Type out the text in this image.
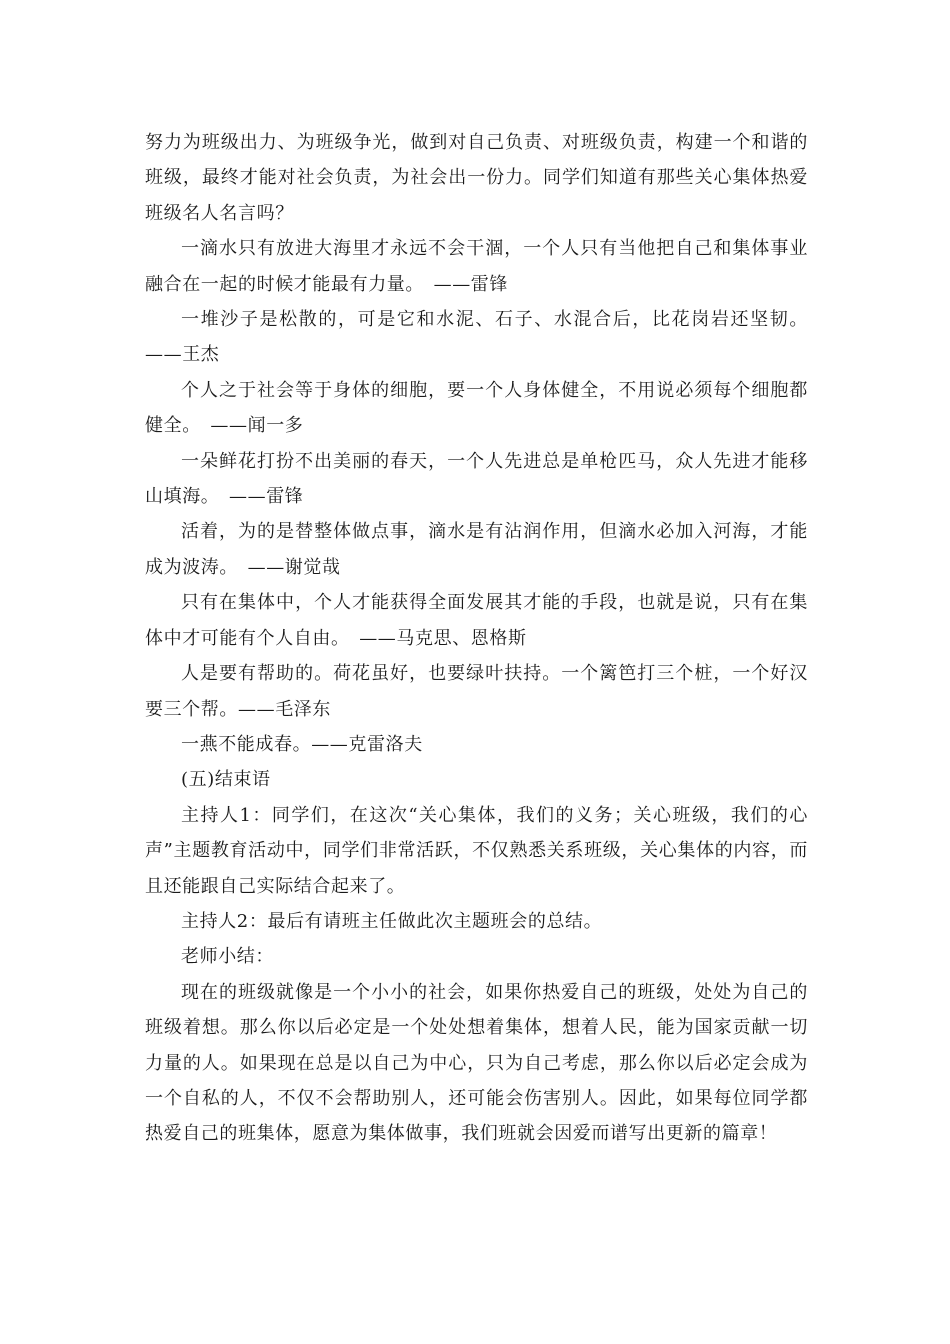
努力为班级出力、为班级争光，做到对自己负责、对班级负责，构建一个和谐的班级，最终才能对社会负责，为社会出一份力。同学们知道有那些关心集体热爱班级名人名言吗？

一滴水只有放进大海里才永远不会干涸，一个人只有当他把自己和集体事业融合在一起的时候才能最有力量。　——雷锋

一堆沙子是松散的，可是它和水泥、石子、水混合后，比花岗岩还坚韧。——王杰

个人之于社会等于身体的细胞，要一个人身体健全，不用说必须每个细胞都健全。　——闻一多

一朵鲜花打扮不出美丽的春天，一个人先进总是单枪匹马，众人先进才能移山填海。　——雷锋

活着，为的是替整体做点事，滴水是有沾润作用，但滴水必加入河海，才能成为波涛。　——谢觉哉

只有在集体中，个人才能获得全面发展其才能的手段，也就是说，只有在集体中才可能有个人自由。　——马克思、恩格斯

人是要有帮助的。荷花虽好，也要绿叶扶持。一个篱笆打三个桩，一个好汉要三个帮。——毛泽东

一燕不能成春。——克雷洛夫

(五)结束语

主持人1：同学们，在这次“关心集体，我们的义务；关心班级，我们的心声”主题教育活动中，同学们非常活跃，不仅熟悉关系班级，关心集体的内容，而且还能跟自己实际结合起来了。

主持人2：最后有请班主任做此次主题班会的总结。

老师小结：

现在的班级就像是一个小小的社会，如果你热爱自己的班级，处处为自己的班级着想。那么你以后必定是一个处处想着集体，想着人民，能为国家贡献一切力量的人。如果现在总是以自己为中心，只为自己考虑，那么你以后必定会成为一个自私的人，不仅不会帮助别人，还可能会伤害别人。因此，如果每位同学都热爱自己的班集体，愿意为集体做事，我们班就会因爱而谱写出更新的篇章！
